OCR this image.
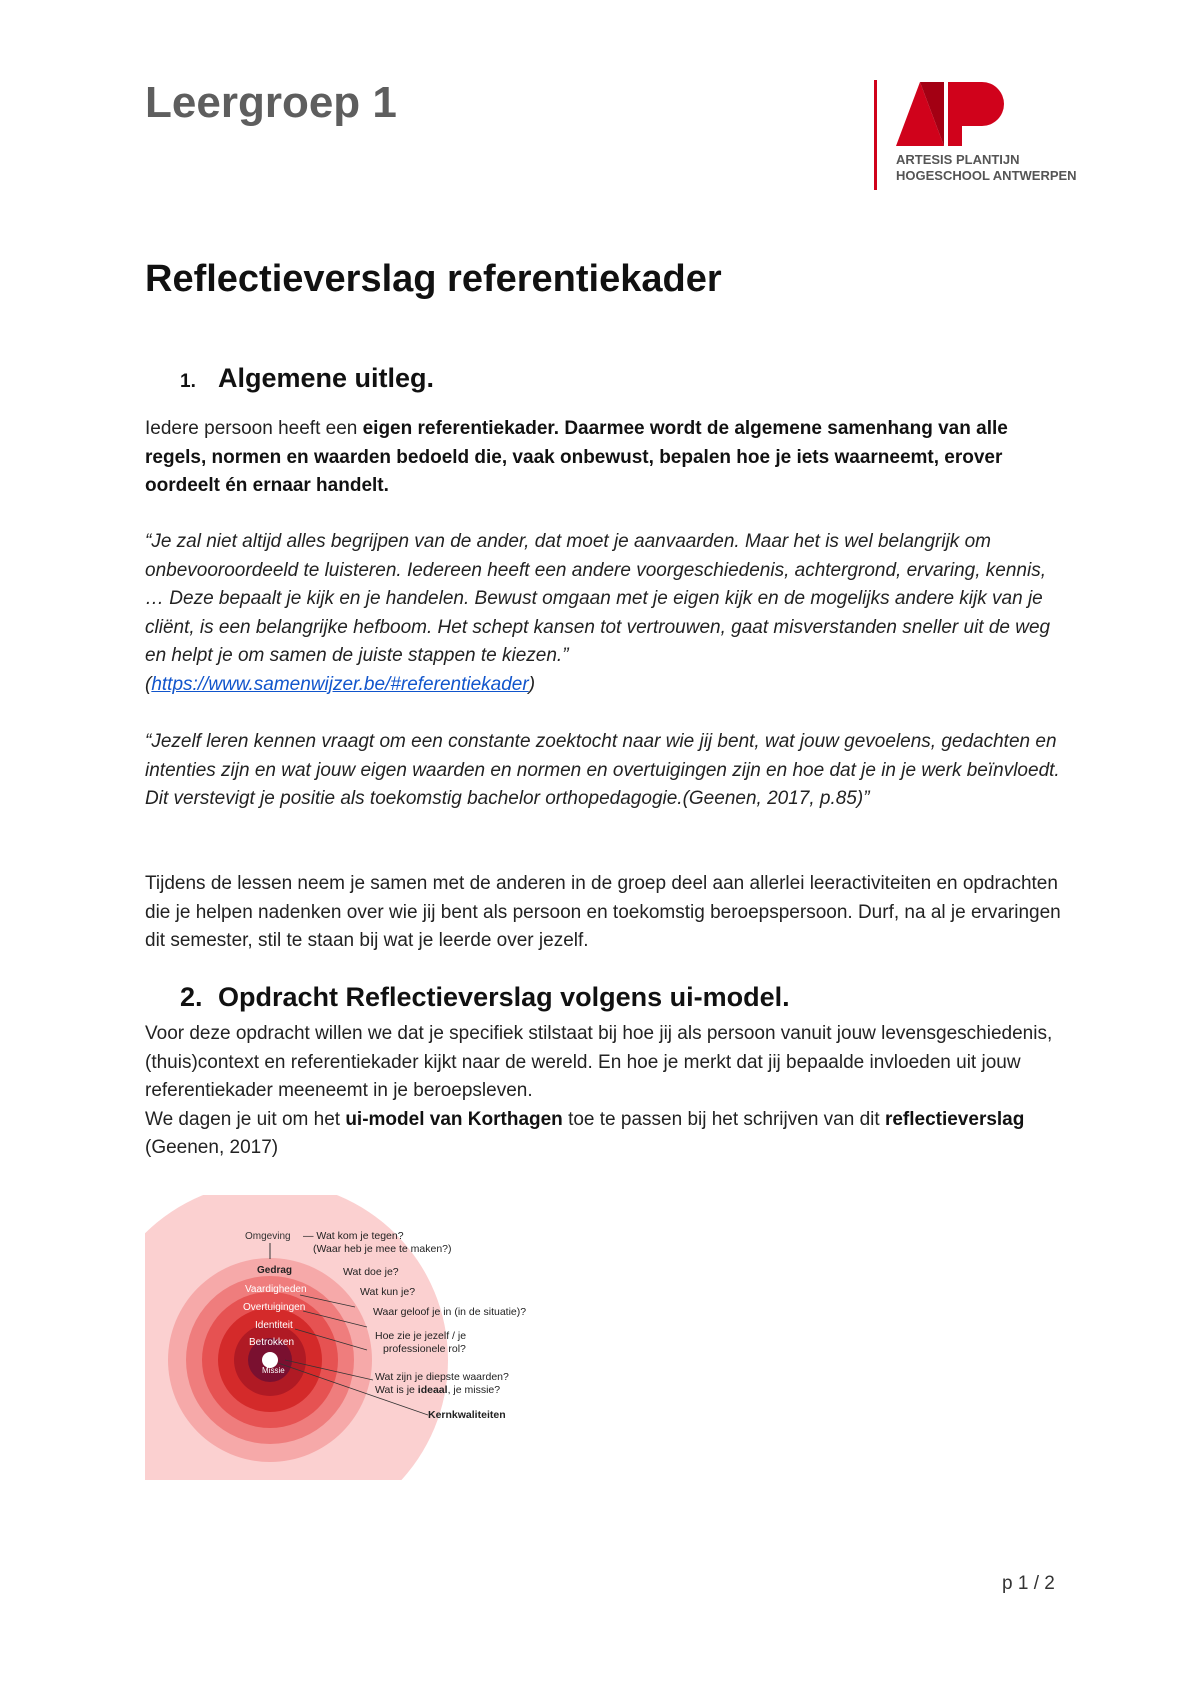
Leergroep 1
ARTESIS PLANTIJN
HOGESCHOOL ANTWERPEN
Reflectieverslag referentiekader
1. Algemene uitleg.

Iedere persoon heeft een eigen referentiekader. Daarmee wordt de algemene samenhang van alle regels, normen en waarden bedoeld die, vaak onbewust, bepalen hoe je iets waarneemt, erover oordeelt én ernaar handelt.

“Je zal niet altijd alles begrijpen van de ander, dat moet je aanvaarden. Maar het is wel belangrijk om onbevooroordeeld te luisteren. Iedereen heeft een andere voorgeschiedenis, achtergrond, ervaring, kennis, … Deze bepaalt je kijk en je handelen. Bewust omgaan met je eigen kijk en de mogelijks andere kijk van je cliënt, is een belangrijke hefboom. Het schept kansen tot vertrouwen, gaat misverstanden sneller uit de weg en helpt je om samen de juiste stappen te kiezen.”
(https://www.samenwijzer.be/#referentiekader)

“Jezelf leren kennen vraagt om een constante zoektocht naar wie jij bent, wat jouw gevoelens, gedachten en intenties zijn en wat jouw eigen waarden en normen en overtuigingen zijn en hoe dat je in je werk beïnvloedt. Dit verstevigt je positie als toekomstig bachelor orthopedagogie.(Geenen, 2017, p.85)”

Tijdens de lessen neem je samen met de anderen in de groep deel aan allerlei leeractiviteiten en opdrachten die je helpen nadenken over wie jij bent als persoon en toekomstig beroepspersoon. Durf, na al je ervaringen dit semester, stil te staan bij wat je leerde over jezelf.

2. Opdracht Reflectieverslag volgens ui-model.

Voor deze opdracht willen we dat je specifiek stilstaat bij hoe jij als persoon vanuit jouw levensgeschiedenis, (thuis)context en referentiekader kijkt naar de wereld. En hoe je merkt dat jij bepaalde invloeden uit jouw referentiekader meeneemt in je beroepsleven.
We dagen je uit om het ui-model van Korthagen toe te passen bij het schrijven van dit reflectieverslag (Geenen, 2017)

Omgeving
Gedrag
Vaardigheden
Overtuigingen
Identiteit
Betrokken
Missie
— Wat kom je tegen?
(Waar heb je mee te maken?)
Wat doe je?
Wat kun je?
Waar geloof je in (in de situatie)?
Hoe zie je jezelf / je
professionele rol?
Wat zijn je diepste waarden?
Wat is je ideaal, je missie?
Kernkwaliteiten

p 1 / 2
